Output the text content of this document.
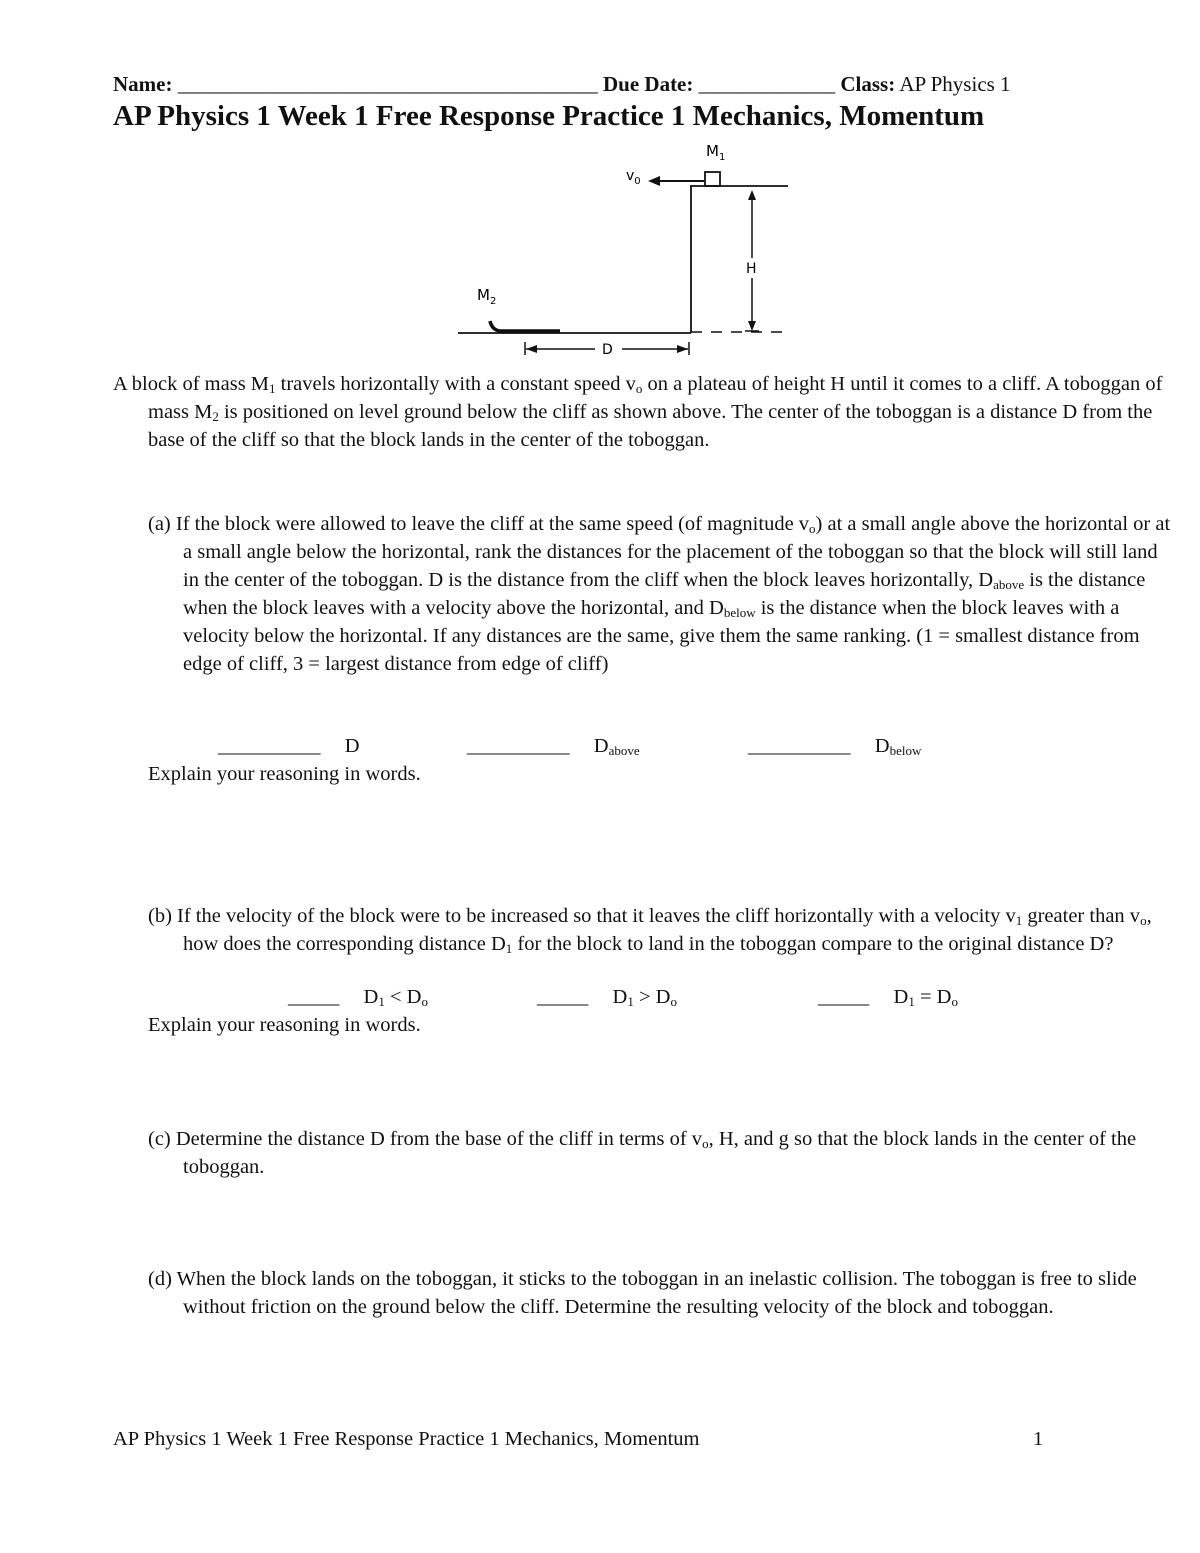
Name: ________________________________________ Due Date: _____________ Class: AP Physics 1
AP Physics 1 Week 1 Free Response Practice 1 Mechanics, Momentum
$M_1$
$v_0$
H
$M_2$
D
A block of mass $M_1$ travels horizontally with a constant speed $v_o$ on a plateau of height H until it comes to a cliff. A toboggan of mass $M_2$ is positioned on level ground below the cliff as shown above. The center of the toboggan is a distance D from the base of the cliff so that the block lands in the center of the toboggan.
(a) If the block were allowed to leave the cliff at the same speed (of magnitude $v_o$) at a small angle above the horizontal or at a small angle below the horizontal, rank the distances for the placement of the toboggan so that the block will still land in the center of the toboggan. D is the distance from the cliff when the block leaves horizontally, $D_{above}$ is the distance when the block leaves with a velocity above the horizontal, and $D_{below}$ is the distance when the block leaves with a velocity below the horizontal. If any distances are the same, give them the same ranking. (1 = smallest distance from edge of cliff, 3 = largest distance from edge of cliff)
__________ D	__________ $D_{above}$	__________ $D_{below}$
Explain your reasoning in words.
(b) If the velocity of the block were to be increased so that it leaves the cliff horizontally with a velocity $v_1$ greater than $v_o$, how does the corresponding distance $D_1$ for the block to land in the toboggan compare to the original distance D?
_____ $D_1 < D_o$	_____ $D_1 > D_o$	_____ $D_1 = D_o$
Explain your reasoning in words.
(c) Determine the distance D from the base of the cliff in terms of $v_o$, H, and g so that the block lands in the center of the toboggan.
(d) When the block lands on the toboggan, it sticks to the toboggan in an inelastic collision. The toboggan is free to slide without friction on the ground below the cliff. Determine the resulting velocity of the block and toboggan.
AP Physics 1 Week 1 Free Response Practice 1 Mechanics, Momentum	1
